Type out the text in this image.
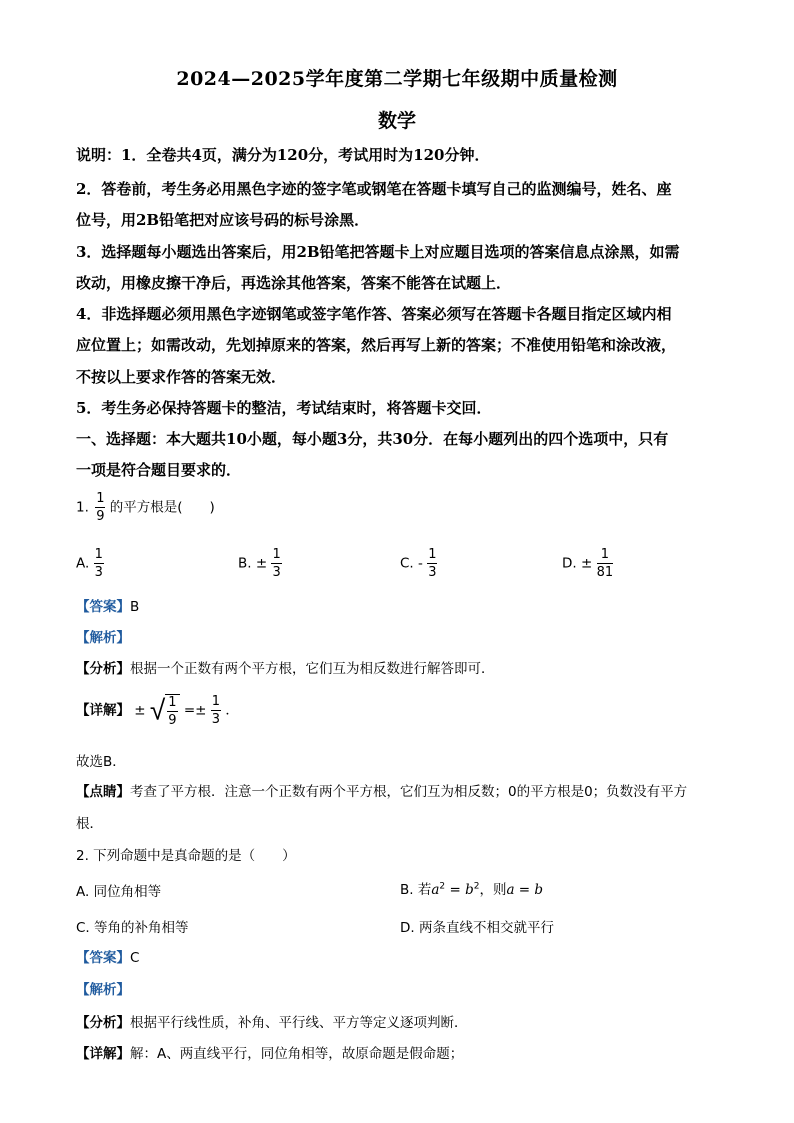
2024—2025学年度第二学期七年级期中质量检测
数学
说明：1．全卷共4页，满分为120分，考试用时为120分钟．
2．答卷前，考生务必用黑色字迹的签字笔或钢笔在答题卡填写自己的监测编号，姓名、座
位号，用2B铅笔把对应该号码的标号涂黑．
3．选择题每小题选出答案后，用2B铅笔把答题卡上对应题目选项的答案信息点涂黑，如需
改动，用橡皮擦干净后，再选涂其他答案，答案不能答在试题上．
4．非选择题必须用黑色字迹钢笔或签字笔作答、答案必须写在答题卡各题目指定区域内相
应位置上；如需改动，先划掉原来的答案，然后再写上新的答案；不准使用铅笔和涂改液，
不按以上要求作答的答案无效．
5．考生务必保持答题卡的整洁，考试结束时，将答题卡交回．
一、选择题：本大题共10小题，每小题3分，共30分．在每小题列出的四个选项中，只有
一项是符合题目要求的．
1. $\frac{1}{9}$ 的平方根是(　　)
A. $\frac{1}{3}$	B. ± $\frac{1}{3}$	C. - $\frac{1}{3}$	D. ± $\frac{1}{81}$
【答案】B
【解析】
【分析】根据一个正数有两个平方根，它们互为相反数进行解答即可．
【详解】 ± √ $\frac{1}{9} =\pm \frac{1}{3}$ ．
故选B．
【点睛】考查了平方根．注意一个正数有两个平方根，它们互为相反数；0的平方根是0；负数没有平方
根．
2. 下列命题中是真命题的是（　　）
A. 同位角相等	B. 若$a^2 = b^2$，则a = b
C. 等角的补角相等	D. 两条直线不相交就平行
【答案】C
【解析】
【分析】根据平行线性质，补角、平行线、平方等定义逐项判断．
【详解】解：A、两直线平行，同位角相等，故原命题是假命题；
